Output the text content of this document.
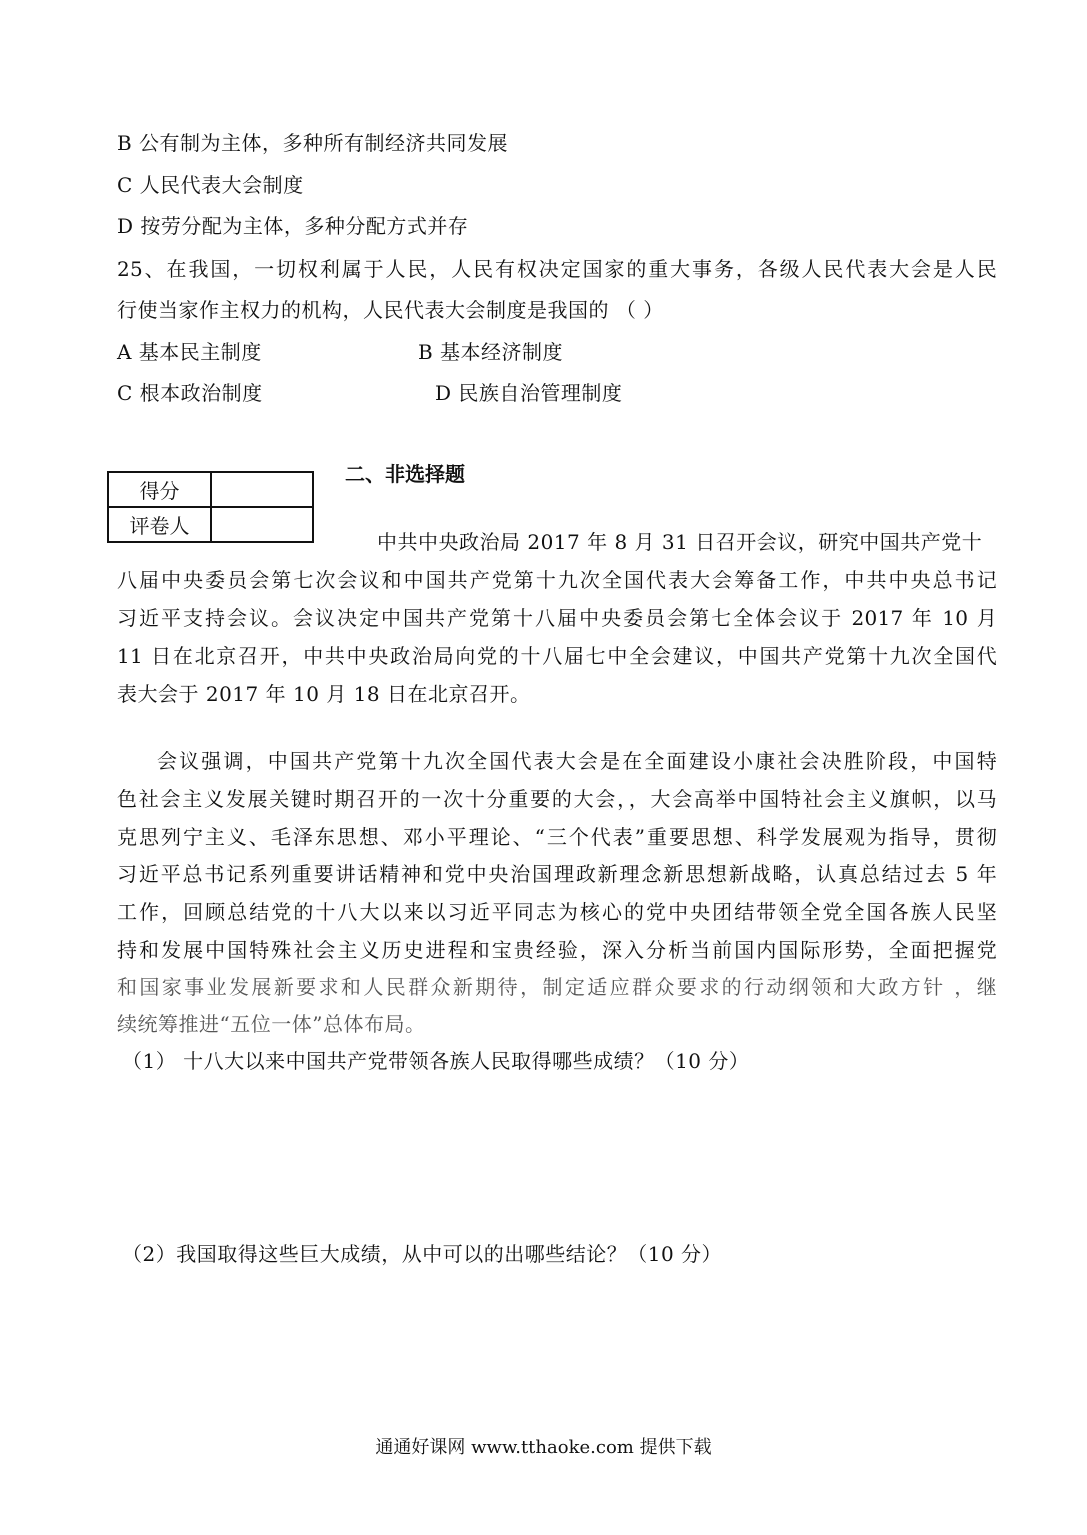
B 公有制为主体，多种所有制经济共同发展
C 人民代表大会制度
D 按劳分配为主体，多种分配方式并存
25、在我国，一切权利属于人民，人民有权决定国家的重大事务，各级人民代表大会是人民
行使当家作主权力的机构，人民代表大会制度是我国的 （ ）
A 基本民主制度	B 基本经济制度
C 根本政治制度	D 民族自治管理制度
得分	
评卷人	
二、非选择题
中共中央政治局 2017 年 8 月 31 日召开会议，研究中国共产党十
八届中央委员会第七次会议和中国共产党第十九次全国代表大会筹备工作，中共中央总书记
习近平支持会议。会议决定中国共产党第十八届中央委员会第七全体会议于 2017 年 10 月
11 日在北京召开，中共中央政治局向党的十八届七中全会建议，中国共产党第十九次全国代
表大会于 2017 年 10 月 18 日在北京召开。
会议强调，中国共产党第十九次全国代表大会是在全面建设小康社会决胜阶段，中国特
色社会主义发展关键时期召开的一次十分重要的大会，，大会高举中国特社会主义旗帜，以马
克思列宁主义、毛泽东思想、邓小平理论、“三个代表”重要思想、科学发展观为指导，贯彻
习近平总书记系列重要讲话精神和党中央治国理政新理念新思想新战略，认真总结过去 5 年
工作，回顾总结党的十八大以来以习近平同志为核心的党中央团结带领全党全国各族人民坚
持和发展中国特殊社会主义历史进程和宝贵经验，深入分析当前国内国际形势，全面把握党
和国家事业发展新要求和人民群众新期待，制定适应群众要求的行动纲领和大政方针 ，继
续统筹推进“五位一体”总体布局。
（1） 十八大以来中国共产党带领各族人民取得哪些成绩？（10 分）
（2）我国取得这些巨大成绩，从中可以的出哪些结论？（10 分）
通通好课网 www.tthaoke.com 提供下载
